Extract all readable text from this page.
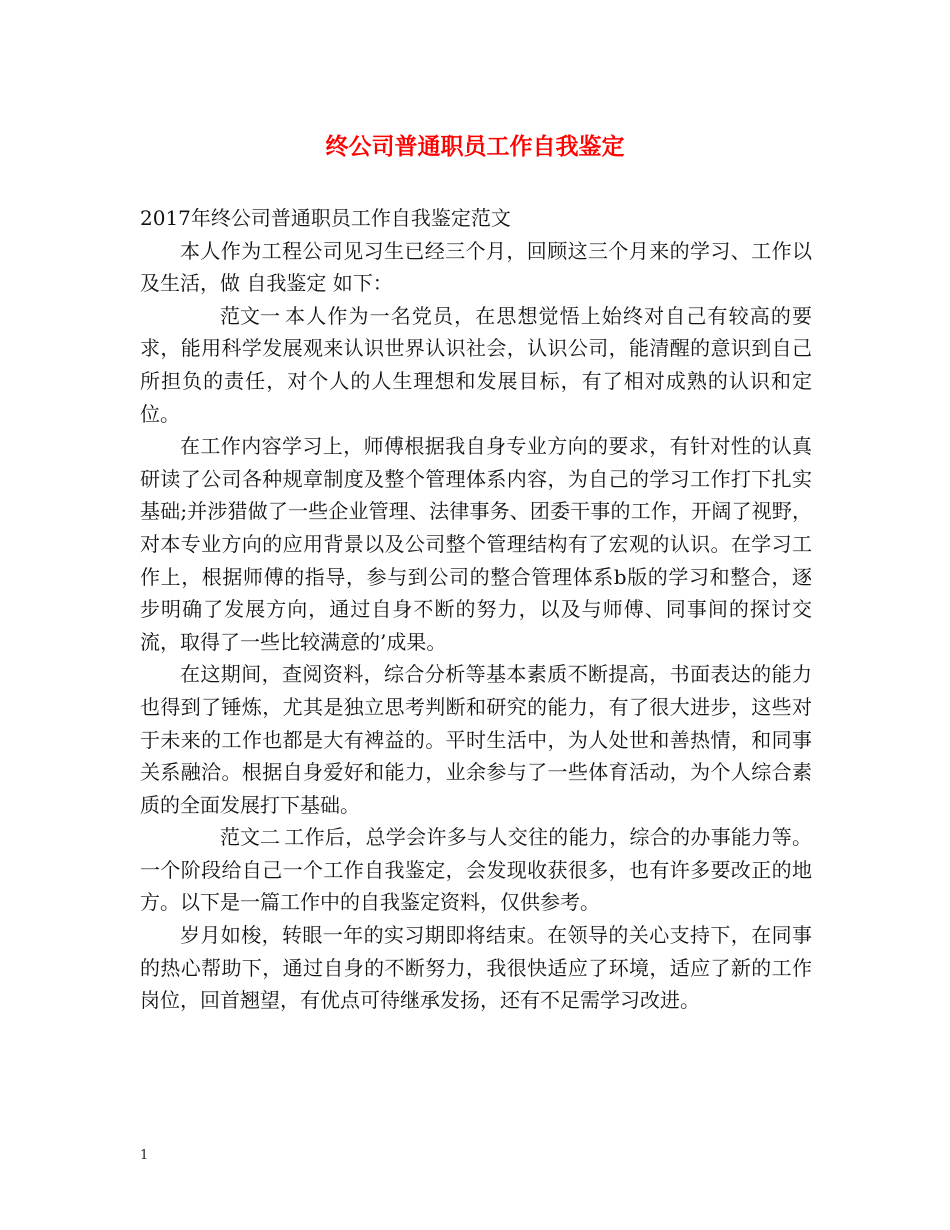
终公司普通职员工作自我鉴定

2017年终公司普通职员工作自我鉴定范文

本人作为工程公司见习生已经三个月，回顾这三个月来的学习、工作以及生活，做 自我鉴定 如下：

范文一 本人作为一名党员，在思想觉悟上始终对自己有较高的要求，能用科学发展观来认识世界认识社会，认识公司，能清醒的意识到自己所担负的责任，对个人的人生理想和发展目标，有了相对成熟的认识和定位。

在工作内容学习上，师傅根据我自身专业方向的要求，有针对性的认真研读了公司各种规章制度及整个管理体系内容，为自己的学习工作打下扎实基础;并涉猎做了一些企业管理、法律事务、团委干事的工作，开阔了视野，对本专业方向的应用背景以及公司整个管理结构有了宏观的认识。在学习工作上，根据师傅的指导，参与到公司的整合管理体系b版的学习和整合，逐步明确了发展方向，通过自身不断的努力，以及与师傅、同事间的探讨交流，取得了一些比较满意的’成果。

在这期间，查阅资料，综合分析等基本素质不断提高，书面表达的能力也得到了锤炼，尤其是独立思考判断和研究的能力，有了很大进步，这些对于未来的工作也都是大有裨益的。平时生活中，为人处世和善热情，和同事关系融洽。根据自身爱好和能力，业余参与了一些体育活动，为个人综合素质的全面发展打下基础。

范文二 工作后，总学会许多与人交往的能力，综合的办事能力等。一个阶段给自己一个工作自我鉴定，会发现收获很多，也有许多要改正的地方。以下是一篇工作中的自我鉴定资料，仅供参考。

岁月如梭，转眼一年的实习期即将结束。在领导的关心支持下，在同事的热心帮助下，通过自身的不断努力，我很快适应了环境，适应了新的工作岗位，回首翘望，有优点可待继承发扬，还有不足需学习改进。

1
